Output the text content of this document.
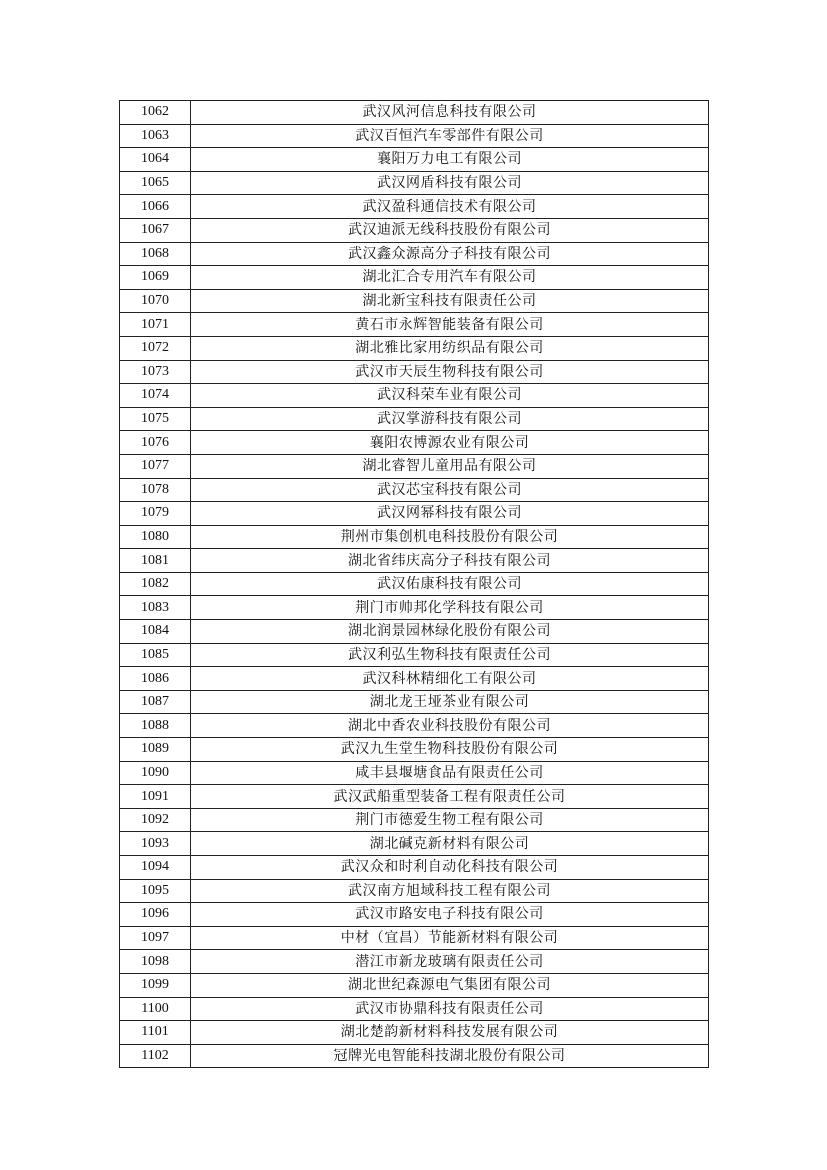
1062	武汉风河信息科技有限公司
1063	武汉百恒汽车零部件有限公司
1064	襄阳万力电工有限公司
1065	武汉网盾科技有限公司
1066	武汉盈科通信技术有限公司
1067	武汉迪派无线科技股份有限公司
1068	武汉鑫众源高分子科技有限公司
1069	湖北汇合专用汽车有限公司
1070	湖北新宝科技有限责任公司
1071	黄石市永辉智能装备有限公司
1072	湖北雅比家用纺织品有限公司
1073	武汉市天辰生物科技有限公司
1074	武汉科荣车业有限公司
1075	武汉掌游科技有限公司
1076	襄阳农博源农业有限公司
1077	湖北睿智儿童用品有限公司
1078	武汉芯宝科技有限公司
1079	武汉网幂科技有限公司
1080	荆州市集创机电科技股份有限公司
1081	湖北省纬庆高分子科技有限公司
1082	武汉佑康科技有限公司
1083	荆门市帅邦化学科技有限公司
1084	湖北润景园林绿化股份有限公司
1085	武汉利弘生物科技有限责任公司
1086	武汉科林精细化工有限公司
1087	湖北龙王垭茶业有限公司
1088	湖北中香农业科技股份有限公司
1089	武汉九生堂生物科技股份有限公司
1090	咸丰县堰塘食品有限责任公司
1091	武汉武船重型装备工程有限责任公司
1092	荆门市德爱生物工程有限公司
1093	湖北碱克新材料有限公司
1094	武汉众和时利自动化科技有限公司
1095	武汉南方旭域科技工程有限公司
1096	武汉市路安电子科技有限公司
1097	中材（宜昌）节能新材料有限公司
1098	潜江市新龙玻璃有限责任公司
1099	湖北世纪森源电气集团有限公司
1100	武汉市协鼎科技有限责任公司
1101	湖北楚韵新材料科技发展有限公司
1102	冠牌光电智能科技湖北股份有限公司
